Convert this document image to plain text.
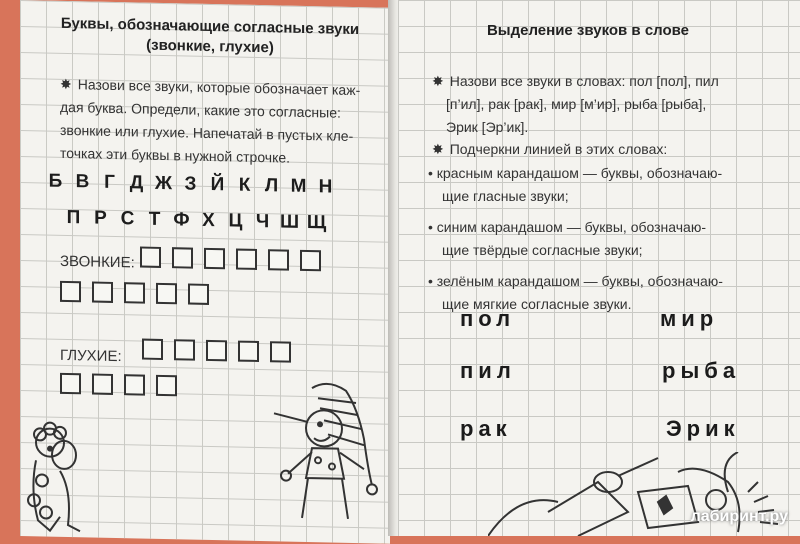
Буквы, обозначающие согласные звуки
(звонкие, глухие)
✸ Назови все звуки, которые обозначает каж-
дая буква. Определи, какие это согласные:
звонкие или глухие. Напечатай в пустых кле-
точках эти буквы в нужной строчке.
Б В Г Д Ж З Й К Л М Н
П Р С Т Ф Х Ц Ч Ш Щ
ЗВОНКИЕ:
ГЛУХИЕ:
Выделение звуков в слове
✸ Назови все звуки в словах: пол [пол], пил
[п’ил], рак [рак], мир [м’ир], рыба [рыба],
Эрик [Эр’ик].
✸ Подчеркни линией в этих словах:
• красным карандашом — буквы, обозначаю-
щие гласные звуки;
• синим карандашом — буквы, обозначаю-
щие твёрдые согласные звуки;
• зелёным карандашом — буквы, обозначаю-
щие мягкие согласные звуки.
пол	мир
пил	рыба
рак	Эрик
лабиринт.ру
